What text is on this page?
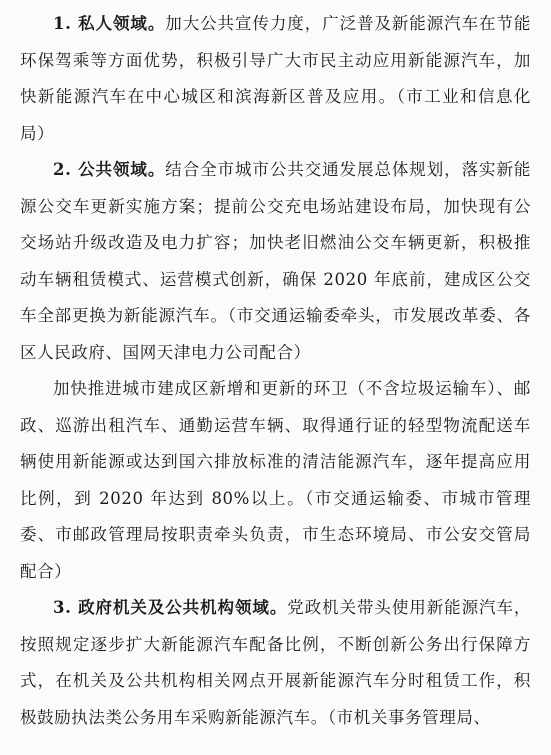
1. 私人领域。加大公共宣传力度，广泛普及新能源汽车在节能环保驾乘等方面优势，积极引导广大市民主动应用新能源汽车，加快新能源汽车在中心城区和滨海新区普及应用。（市工业和信息化局）

2. 公共领域。结合全市城市公共交通发展总体规划，落实新能源公交车更新实施方案；提前公交充电场站建设布局，加快现有公交场站升级改造及电力扩容；加快老旧燃油公交车辆更新，积极推动车辆租赁模式、运营模式创新，确保 2020 年底前，建成区公交车全部更换为新能源汽车。（市交通运输委牵头，市发展改革委、各区人民政府、国网天津电力公司配合）

加快推进城市建成区新增和更新的环卫（不含垃圾运输车）、邮政、巡游出租汽车、通勤运营车辆、取得通行证的轻型物流配送车辆使用新能源或达到国六排放标准的清洁能源汽车，逐年提高应用比例，到 2020 年达到 80%以上。（市交通运输委、市城市管理委、市邮政管理局按职责牵头负责，市生态环境局、市公安交管局配合）

3. 政府机关及公共机构领域。党政机关带头使用新能源汽车，按照规定逐步扩大新能源汽车配备比例，不断创新公务出行保障方式，在机关及公共机构相关网点开展新能源汽车分时租赁工作，积极鼓励执法类公务用车采购新能源汽车。（市机关事务管理局、
